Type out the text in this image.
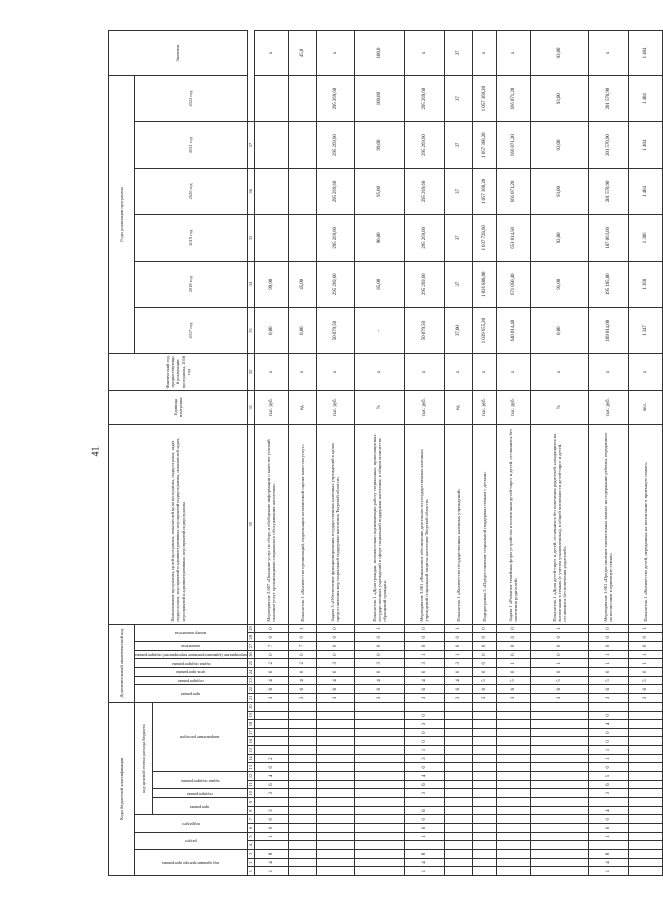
41
Коды бюджетной классификации																				Дополнительный аналитический код									Наименование программы, целей программы, показателей цели программы, подпрограмм, задач подпрограмм, мероприятий и административных мероприятий подпрограммы, показателей задач, мероприятий и административных мероприятий подпрограммы	Единица измерения	Фактический год, предшествующий реализации программы, 2016 год	Годы реализации программы						Значение

код администратора программы			раздел		подраздел		код целевой статьи расхода бюджета													программа		подпрограмма	цель программы	задача подпрограммы	мероприятие (административное мероприятие) подпрограммы	показатель	номер показателя					2017 год	2018 год	2019 год	2020 год	2021 год	2022 год	

							программа		подпрограмма	задача подпрограммы		направление расходов																										

1	2	3	4	5	6	7	8	9	10	11	12	13	14	15	16	17	18	19	20	21	22	23	24	25	26	27	28	29	30	31	32	33	34	35	36	37		
1	4	8		1	0	0	3		3	6	4	0	2							3	6	4	0	2	0	7	0	0	Мероприятие 2.007 «Оказание услуг по сбору и обобщению информации о качестве условий оказания услуг организациями социального обслуживания населения»	тыс. руб.	х	0,00	99,90					х
																				3	6	4	0	2	0	7	0	1	Показатель 1 «Количество организаций, подлежащих независимой оценке качества услуг»	ед.	х	0,00	45,00					45,0
																				3	6	4	0	3	0	0	0	0	Задача 3 «Обеспечение функционирования государственных казенных учреждений в целях предоставления мер социальной поддержки населения Тверской области»	тыс. руб.	х	50 079,50	295 269,60	295 269,60	295 269,60	295 269,60	295 269,60	х
																				3	6	4	0	3	0	0	0	1	Показатель 1 «Доля граждан, положительно оценивающих работу социальных, правозащитных государственных учреждений в сфере социальной поддержки населения, в общем количестве обращений граждан»	%	х	-	85,00	90,00	95,00	99,00	100,00	100,0
1	4	8		1	0	0	6		3	6	4	0	3	1	0	0	3	0		3	6	4	0	3	1	0	0	0	Мероприятие 3.001 «Финансовое обеспечение деятельности государственных казенных учреждений социальной защиты населения Тверской области»	тыс. руб.	х	50 079,50	295 269,60	295 269,60	295 269,60	295 269,60	295 269,60	х
																				3	6	4	0	3	1	0	0	1	Показатель 1 «Количество государственных казенных учреждений»	ед.	х	37,00	37	37	37	37	37	37
																				3	6	5	0	0	0	0	0	0	Подпрограмма 5 «Предоставление социальной поддержки семьям с детьми»	тыс. руб.	х	1 039 655,20	1 026 888,00	1 037 728,60	1 057 360,20	1 057 360,20	1 057 360,20	х
																				3	6	5	0	1	0	0	0	0	Задача 1 «Развитие семейных форм устройства и воспитания детей-сирот и детей, оставшихся без попечения родителей»	тыс. руб.	х	640 014,40	671 050,40	651 014,50	666 071,20	666 071,20	666 071,20	х
																				3	6	5	0	1	0	0	0	1	Показатель 1 «Доля детей-сирот и детей, оставшихся без попечения родителей, находящихся на воспитании в семьях (с учетом усыновленных), в общей численности детей-сирот и детей, оставшихся без попечения родителей»	%	х	0,00	91,00	92,00	93,00	93,00	93,00	93,00
1	4	8		1	0	0	4		3	6	5	0	1	1	0	0	4	0		3	6	5	0	1	1	0	0	0	Мероприятие 1.001 «Предоставление ежемесячных выплат на содержание ребенка, переданного на воспитание в приемную семью»	тыс. руб.	х	189 014,00	195 185,80	187 063,60	201 570,90	201 570,90	201 570,90	х
																				3	6	5	0	1	1	0	0	1	Показатель 1 «Количество детей, переданных на воспитание в приемную семью»	чел.	х	1 347	1 368	1 386	1 404	1 404	1 404	1 404
